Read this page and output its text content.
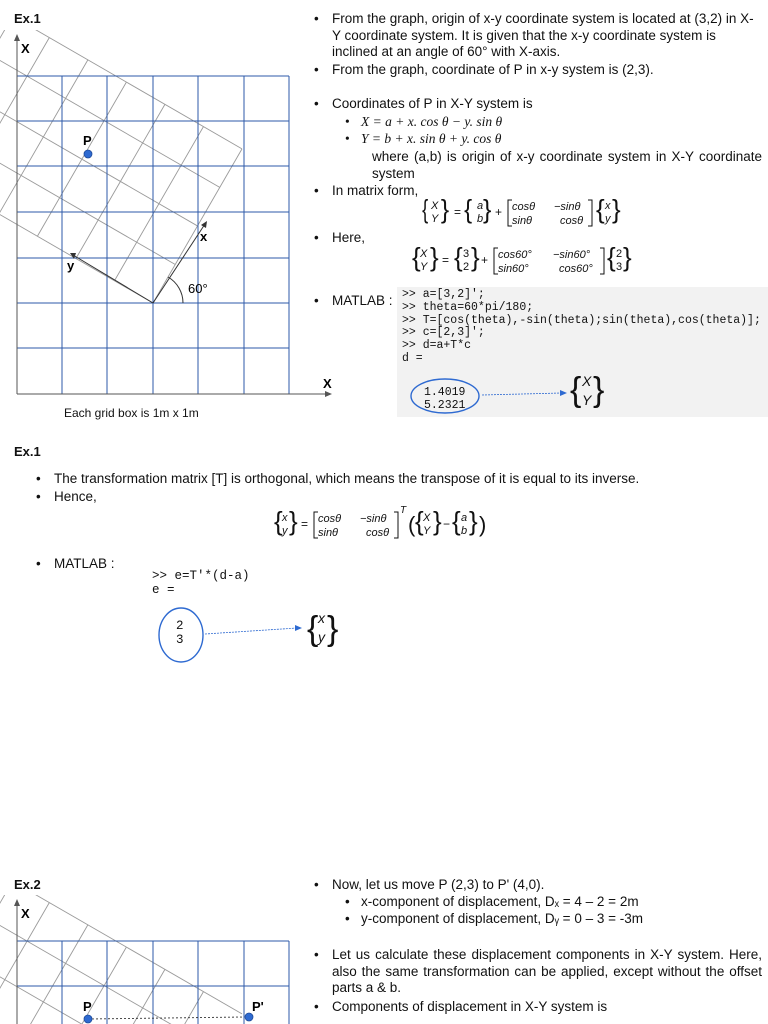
Ex.1
P
X
x
y
60°
X
Each grid box is 1m x 1m
• From the graph, origin of x-y coordinate system is located at (3,2) in X-Y coordinate system. It is given that the x-y coordinate system is inclined at an angle of 60° with X-axis.
• From the graph, coordinate of P in x-y system is (2,3).
• Coordinates of P in X-Y system is
• X = a + x. cos θ − y. sin θ
• Y = b + x. sin θ + y. cos θ
where (a,b) is origin of x-y coordinate system in X-Y coordinate system
• In matrix form,
{ X
Y } = { a
b } + cosθ −sinθ
sinθ	cosθ { x
y }
• Here,
{ X
Y } = { 3
2 } + cos60° −sin60°
sin60°	cos60° { 2
3 }
• MATLAB : >> a=[3,2]';
>> theta=60*pi/180;
>> T=[cos(theta),-sin(theta);sin(theta),cos(theta)];
>> c=[2,3]';
>> d=a+T*c
d =
{ X
Y }
1.4019
5.2321
Ex.1
• The transformation matrix [T] is orthogonal, which means the transpose of it is equal to its inverse.
• Hence,
{ x
y } = cosθ −sinθ
sinθ	cosθ
T
( { X
Y } − { a
b } )
• MATLAB :
>> e=T'*(d-a)
e =
{ x
y }
2
3
Ex.2
X
P	P'
• Now, let us move P (2,3) to P' (4,0).
• x-component of displacement, Dₓ = 4 – 2 = 2m
• y-component of displacement, Dᵧ = 0 – 3 = -3m
• Let us calculate these displacement components in X-Y system. Here, also the same transformation can be applied, except without the offset parts a & b.
• Components of displacement in X-Y system is
